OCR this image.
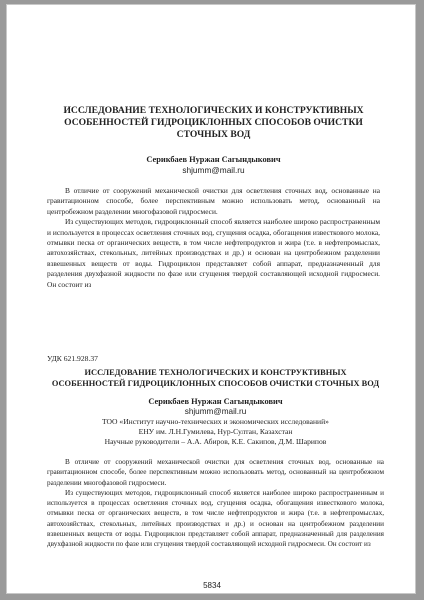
ИССЛЕДОВАНИЕ ТЕХНОЛОГИЧЕСКИХ И КОНСТРУКТИВНЫХ
ОСОБЕННОСТЕЙ ГИДРОЦИКЛОННЫХ СПОСОБОВ ОЧИСТКИ СТОЧНЫХ ВОД

Серикбаев Нуржан Сагындыкович
shjumm@mail.ru

В отличие от сооружений механической очистки для осветления сточных вод, основанные на гравитационном способе, более перспективным можно использовать метод, основанный на центробежном разделении многофазовой гидросмеси.

Из существующих методов, гидроциклонный способ является наиболее широко распространенным и используется в процессах осветления сточных вод, сгущения осадка, обогащения известкового молока, отмывки песка от органических веществ, в том числе нефтепродуктов и жира (т.е. в нефтепромыслах, автохозяйствах, стекольных, литейных производствах и др.) и основан на центробежном разделении взвешенных веществ от воды. Гидроциклон представляет собой аппарат, предназначенный для разделения двухфазной жидкости по фазе или сгущения твердой составляющей исходной гидросмеси. Он состоит из

УДК 621.928.37

ИССЛЕДОВАНИЕ ТЕХНОЛОГИЧЕСКИХ И КОНСТРУКТИВНЫХ
ОСОБЕННОСТЕЙ ГИДРОЦИКЛОННЫХ СПОСОБОВ ОЧИСТКИ СТОЧНЫХ ВОД

Серикбаев Нуржан Сагындыкович
shjumm@mail.ru
ТОО «Институт научно-технических и экономических исследований»
ЕНУ им. Л.Н.Гумилева, Нур-Султан, Казахстан
Научные руководители – А.А. Абиров, К.Е. Сакипов, Д.М. Шарипов

В отличие от сооружений механической очистки для осветления сточных вод, основанные на гравитационном способе, более перспективным можно использовать метод, основанный на центробежном разделении многофазовой гидросмеси.

Из существующих методов, гидроциклонный способ является наиболее широко распространенным и используется в процессах осветления сточных вод, сгущения осадка, обогащения известкового молока, отмывки песка от органических веществ, в том числе нефтепродуктов и жира (т.е. в нефтепромыслах, автохозяйствах, стекольных, литейных производствах и др.) и основан на центробежном разделении взвешенных веществ от воды. Гидроциклон представляет собой аппарат, предназначенный для разделения двухфазной жидкости по фазе или сгущения твердой составляющей исходной гидросмеси. Он состоит из

5834
